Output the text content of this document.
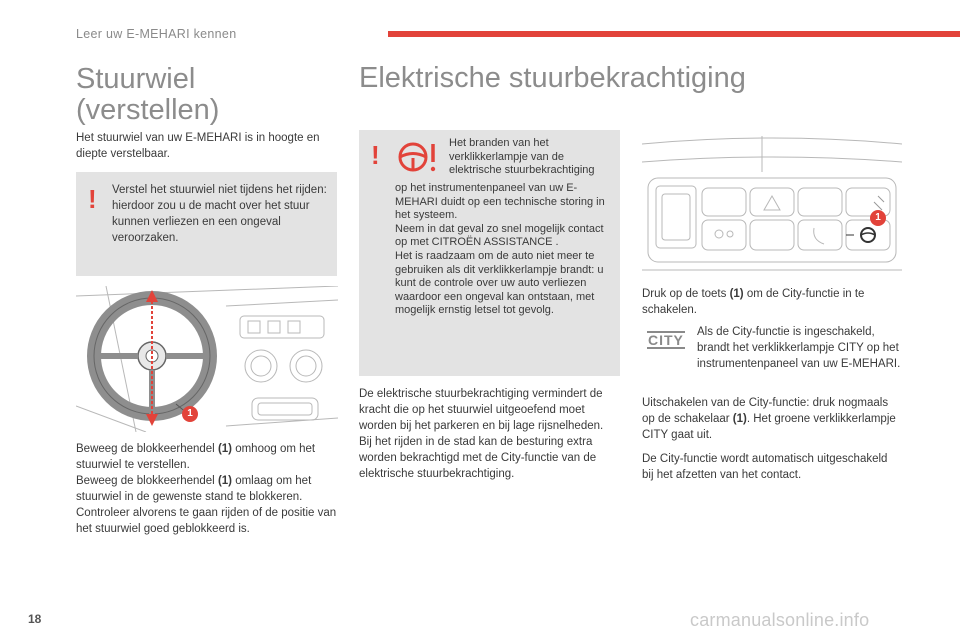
Leer uw E-MEHARI kennen
Stuurwiel
(verstellen)
Het stuurwiel van uw E-MEHARI is in hoogte en diepte verstelbaar.
! Verstel het stuurwiel niet tijdens het rijden: hierdoor zou u de macht over het stuur kunnen verliezen en een ongeval veroorzaken.
1
Beweeg de blokkeerhendel (1) omhoog om het stuurwiel te verstellen.
Beweeg de blokkeerhendel (1) omlaag om het stuurwiel in de gewenste stand te blokkeren.
Controleer alvorens te gaan rijden of de positie van het stuurwiel goed geblokkeerd is.
Elektrische stuurbekrachtiging
!	Het branden van het verklikkerlampje van de elektrische stuurbekrachtiging
op het instrumentenpaneel van uw E-MEHARI duidt op een technische storing in het systeem.
Neem in dat geval zo snel mogelijk contact op met CITROËN ASSISTANCE .
Het is raadzaam om de auto niet meer te gebruiken als dit verklikkerlampje brandt: u kunt de controle over uw auto verliezen waardoor een ongeval kan ontstaan, met mogelijk ernstig letsel tot gevolg.
De elektrische stuurbekrachtiging vermindert de kracht die op het stuurwiel uitgeoefend moet worden bij het parkeren en bij lage rijsnelheden.
Bij het rijden in de stad kan de besturing extra worden bekrachtigd met de City-functie van de elektrische stuurbekrachtiging.
1
Druk op de toets (1) om de City-functie in te schakelen.
CITY Als de City-functie is ingeschakeld, brandt het verklikkerlampje CITY op het instrumentenpaneel van uw E-MEHARI.
Uitschakelen van de City-functie: druk nogmaals op de schakelaar (1). Het groene verklikkerlampje CITY gaat uit.
De City-functie wordt automatisch uitgeschakeld bij het afzetten van het contact.
18	carmanualsonline.info
